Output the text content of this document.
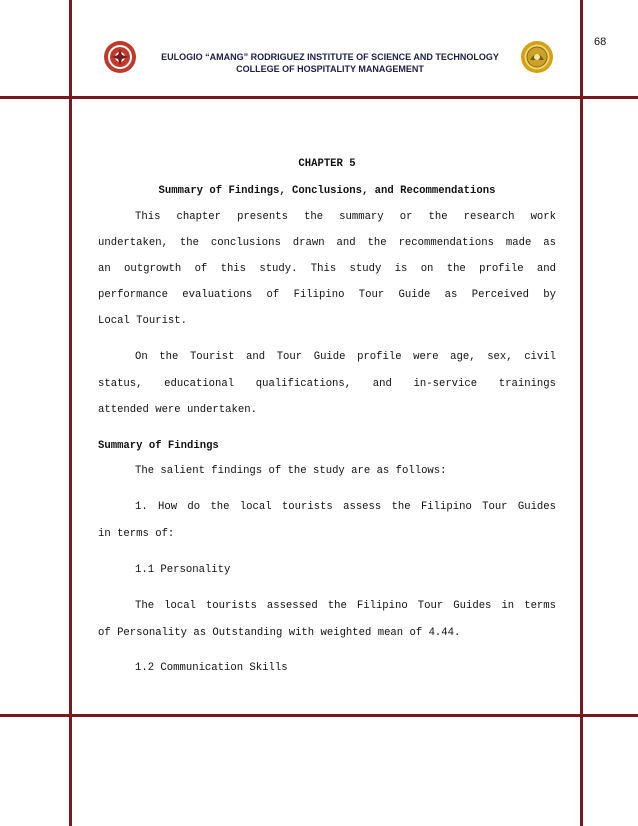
68
EULOGIO “AMANG” RODRIGUEZ INSTITUTE OF SCIENCE AND TECHNOLOGY
COLLEGE OF HOSPITALITY MANAGEMENT
CHAPTER 5
Summary of Findings, Conclusions, and Recommendations
This chapter presents the summary or the research work
undertaken, the conclusions drawn and the recommendations made as
an outgrowth of this study. This study is on the profile and
performance evaluations of Filipino Tour Guide as Perceived by
Local Tourist.
On the Tourist and Tour Guide profile were age, sex, civil
status, educational qualifications, and in-service trainings
attended were undertaken.
Summary of Findings
The salient findings of the study are as follows:
1. How do the local tourists assess the Filipino Tour Guides
in terms of:
1.1 Personality
The local tourists assessed the Filipino Tour Guides in terms
of Personality as Outstanding with weighted mean of 4.44.
1.2 Communication Skills
